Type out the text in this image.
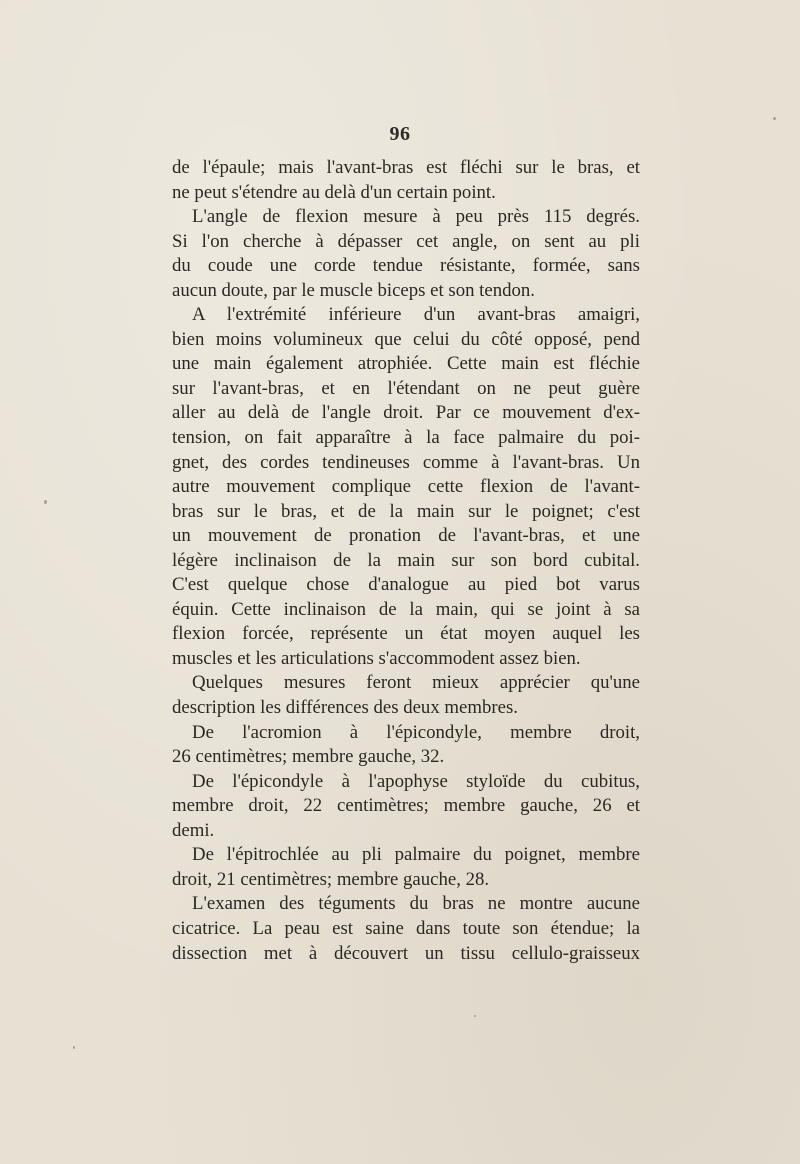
96
de l'épaule; mais l'avant-bras est fléchi sur le bras, et
ne peut s'étendre au delà d'un certain point.
L'angle de flexion mesure à peu près 115 degrés.
Si l'on cherche à dépasser cet angle, on sent au pli
du coude une corde tendue résistante, formée, sans
aucun doute, par le muscle biceps et son tendon.
A l'extrémité inférieure d'un avant-bras amaigri,
bien moins volumineux que celui du côté opposé, pend
une main également atrophiée. Cette main est fléchie
sur l'avant-bras, et en l'étendant on ne peut guère
aller au delà de l'angle droit. Par ce mouvement d'ex-
tension, on fait apparaître à la face palmaire du poi-
gnet, des cordes tendineuses comme à l'avant-bras. Un
autre mouvement complique cette flexion de l'avant-
bras sur le bras, et de la main sur le poignet; c'est
un mouvement de pronation de l'avant-bras, et une
légère inclinaison de la main sur son bord cubital.
C'est quelque chose d'analogue au pied bot varus
équin. Cette inclinaison de la main, qui se joint à sa
flexion forcée, représente un état moyen auquel les
muscles et les articulations s'accommodent assez bien.
Quelques mesures feront mieux apprécier qu'une
description les différences des deux membres.
De l'acromion à l'épicondyle, membre droit,
26 centimètres; membre gauche, 32.
De l'épicondyle à l'apophyse styloïde du cubitus,
membre droit, 22 centimètres; membre gauche, 26 et
demi.
De l'épitrochlée au pli palmaire du poignet, membre
droit, 21 centimètres; membre gauche, 28.
L'examen des téguments du bras ne montre aucune
cicatrice. La peau est saine dans toute son étendue; la
dissection met à découvert un tissu cellulo-graisseux
